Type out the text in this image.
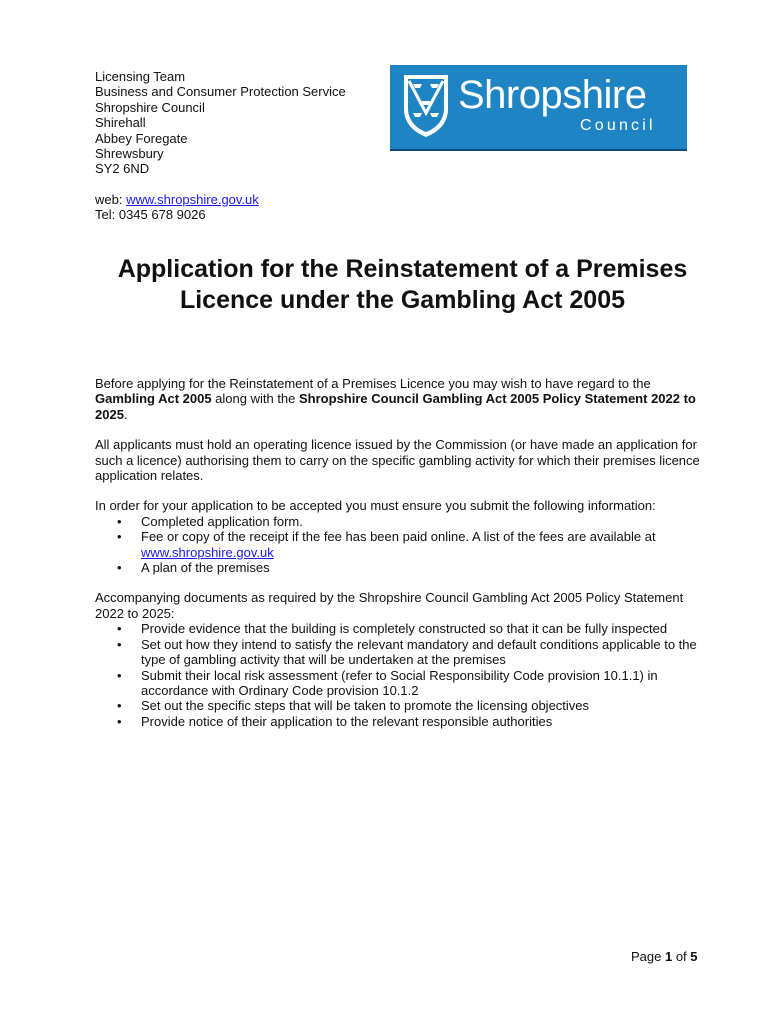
Licensing Team
Business and Consumer Protection Service
Shropshire Council
Shirehall
Abbey Foregate
Shrewsbury
SY2 6ND
web: www.shropshire.gov.uk
Tel: 0345 678 9026
Shropshire
Council
Application for the Reinstatement of a Premises Licence under the Gambling Act 2005

Before applying for the Reinstatement of a Premises Licence you may wish to have regard to the Gambling Act 2005 along with the Shropshire Council Gambling Act 2005 Policy Statement 2022 to 2025.

All applicants must hold an operating licence issued by the Commission (or have made an application for such a licence) authorising them to carry on the specific gambling activity for which their premises licence application relates.

In order for your application to be accepted you must ensure you submit the following information:
• Completed application form.
• Fee or copy of the receipt if the fee has been paid online. A list of the fees are available at www.shropshire.gov.uk
• A plan of the premises
Accompanying documents as required by the Shropshire Council Gambling Act 2005 Policy Statement 2022 to 2025:
• Provide evidence that the building is completely constructed so that it can be fully inspected
• Set out how they intend to satisfy the relevant mandatory and default conditions applicable to the type of gambling activity that will be undertaken at the premises
• Submit their local risk assessment (refer to Social Responsibility Code provision 10.1.1) in accordance with Ordinary Code provision 10.1.2
• Set out the specific steps that will be taken to promote the licensing objectives
• Provide notice of their application to the relevant responsible authorities
Page 1 of 5
